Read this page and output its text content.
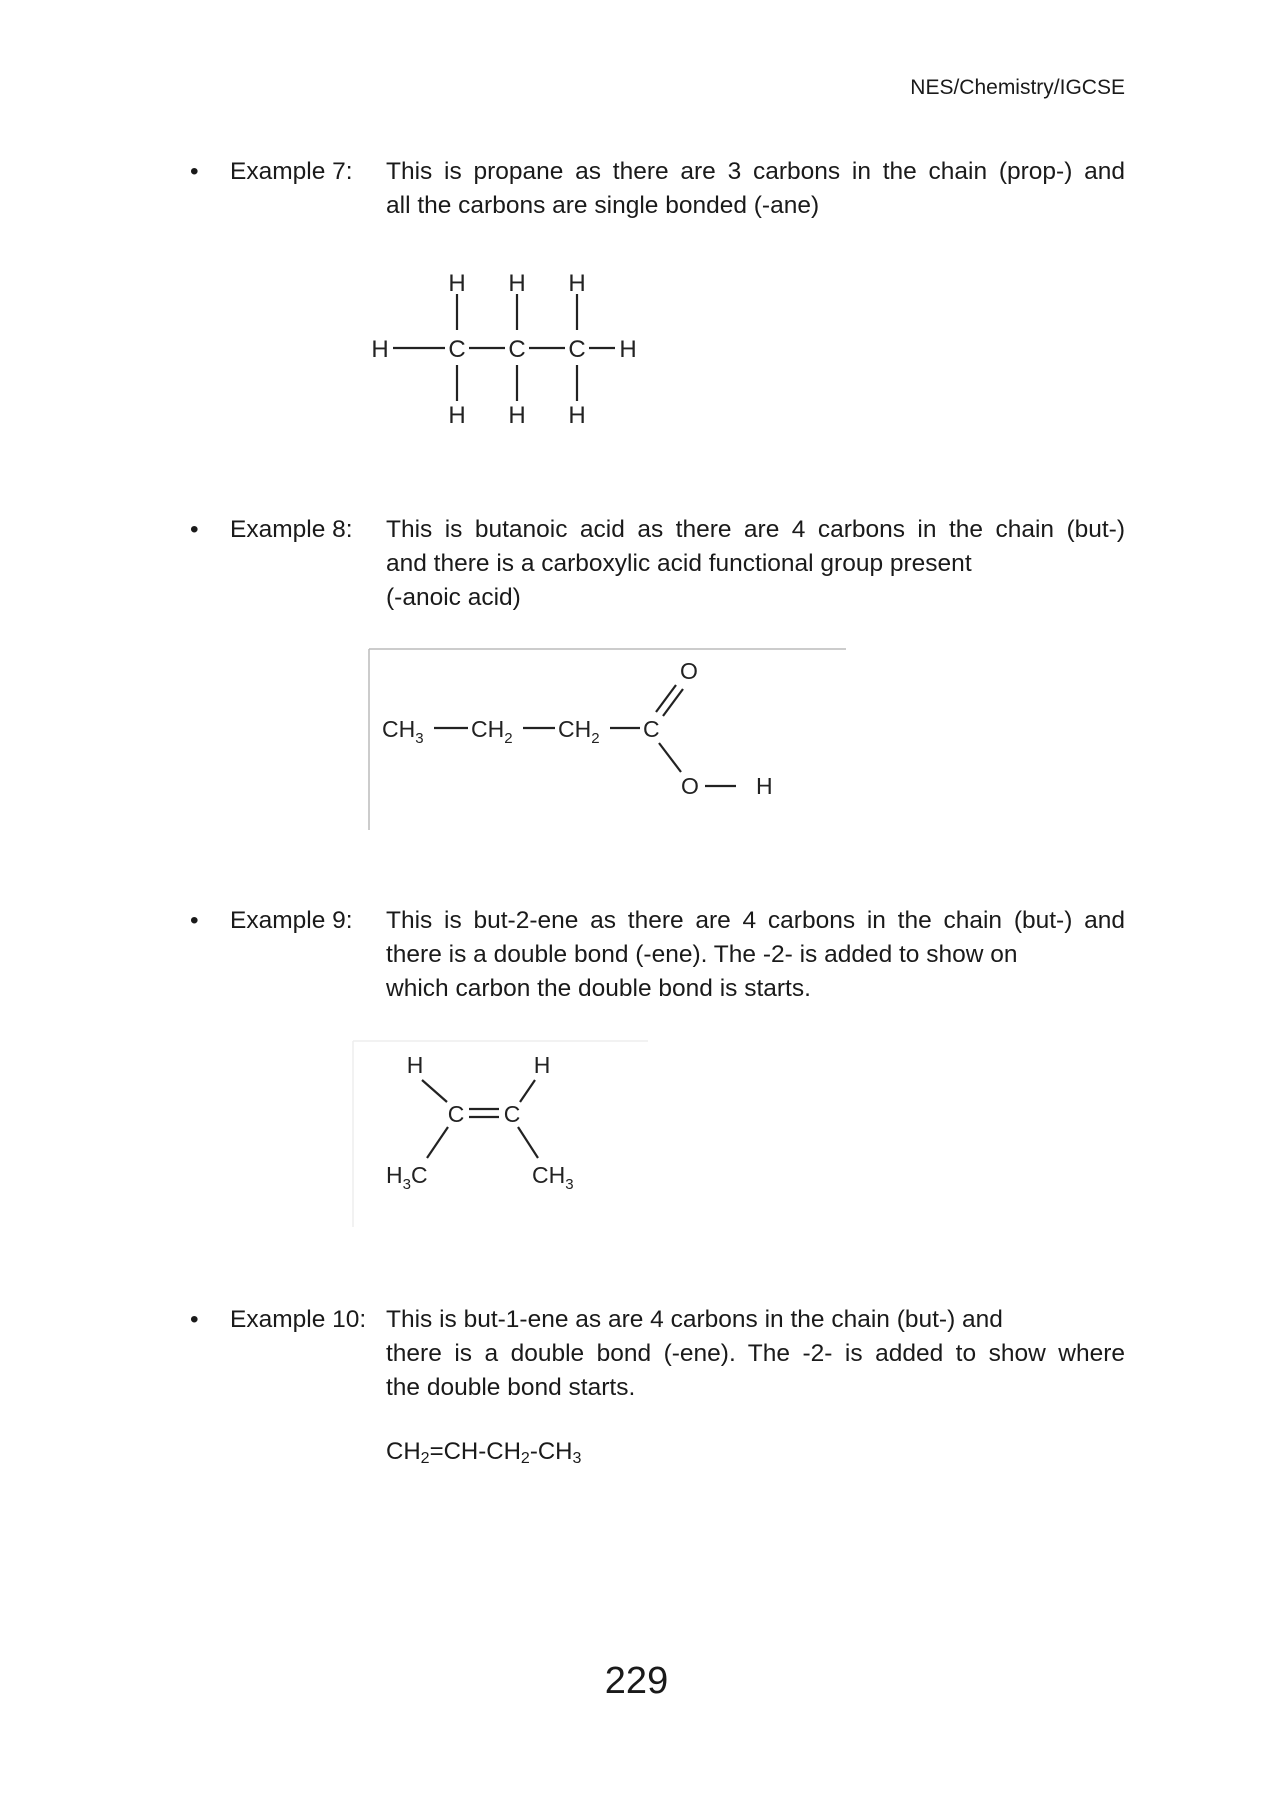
NES/Chemistry/IGCSE
• Example 7: This is propane as there are 3 carbons in the chain (prop-) and
all the carbons are single bonded (-ane)
H H H
H C C C H
H H H
• Example 8: This is butanoic acid as there are 4 carbons in the chain (but-)
and there is a carboxylic acid functional group present
(-anoic acid)
$CH_3$ $CH_2$ $CH_2$ C
O
O H
• Example 9: This is but-2-ene as there are 4 carbons in the chain (but-) and
there is a double bond (-ene). The -2- is added to show on
which carbon the double bond is starts.
H	H
C C
$H_3C$	$CH_3$
• Example 10: This is but-1-ene as are 4 carbons in the chain (but-) and
there is a double bond (-ene). The -2- is added to show where
the double bond starts.
$CH_2=CH-CH_2-CH_3$
229
